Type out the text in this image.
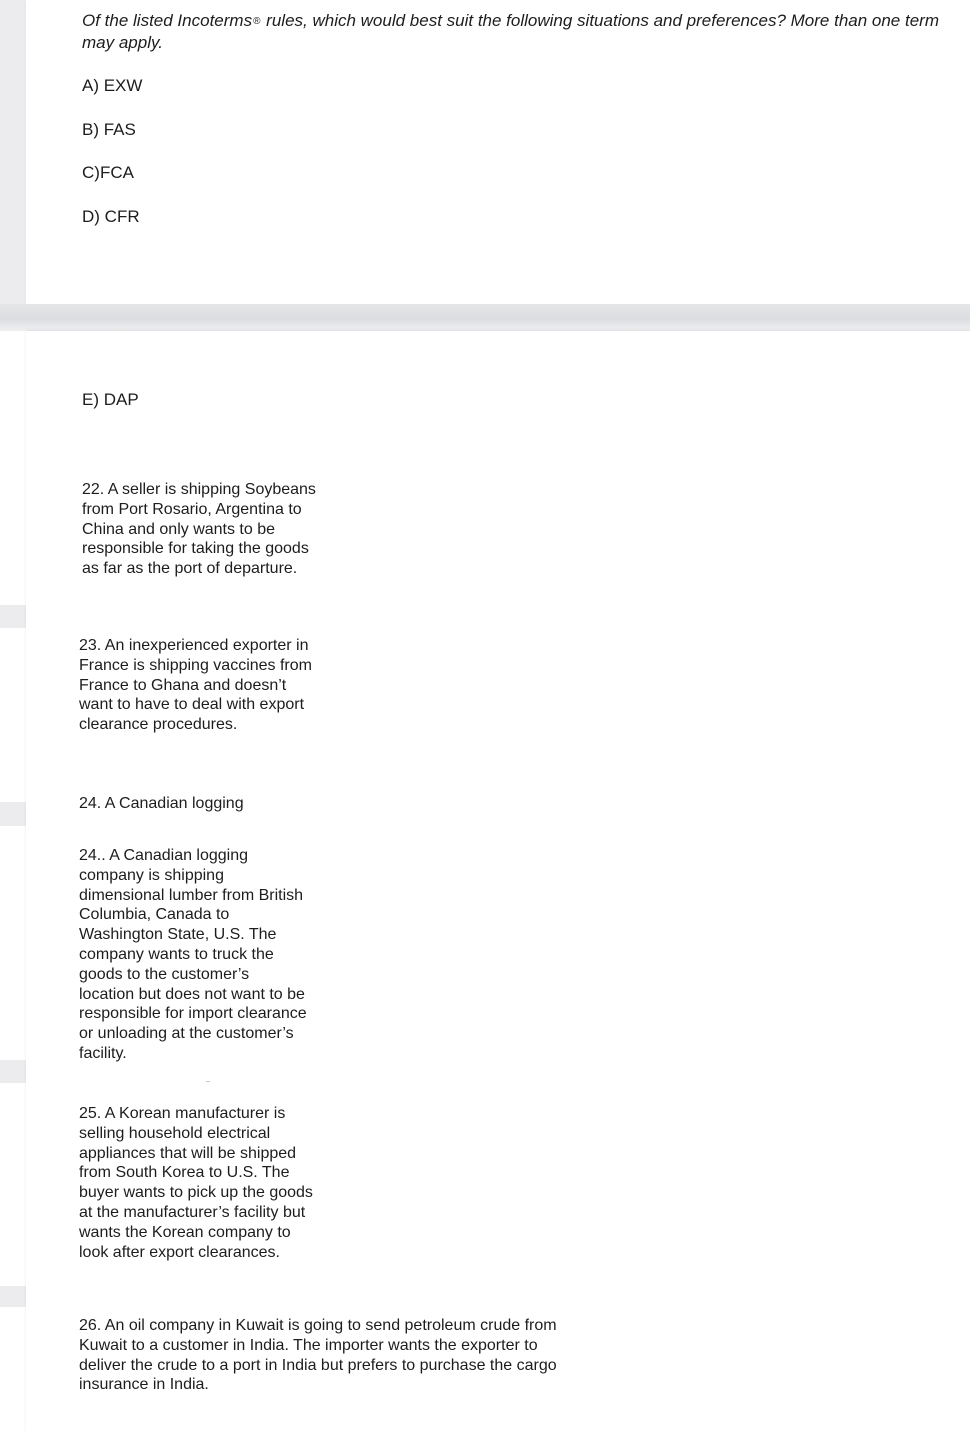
Of the listed Incoterms® rules, which would best suit the following situations and preferences? More than one term may apply.

A) EXW

B) FAS

C)FCA

D) CFR

E) DAP

22. A seller is shipping Soybeans from Port Rosario, Argentina to China and only wants to be responsible for taking the goods as far as the port of departure.

23. An inexperienced exporter in France is shipping vaccines from France to Ghana and doesn’t want to have to deal with export clearance procedures.

24. A Canadian logging

24.. A Canadian logging company is shipping dimensional lumber from British Columbia, Canada to Washington State, U.S. The company wants to truck the goods to the customer’s location but does not want to be responsible for import clearance or unloading at the customer’s facility.

25. A Korean manufacturer is selling household electrical appliances that will be shipped from South Korea to U.S. The buyer wants to pick up the goods at the manufacturer’s facility but wants the Korean company to look after export clearances.

26. An oil company in Kuwait is going to send petroleum crude from Kuwait to a customer in India. The importer wants the exporter to deliver the crude to a port in India but prefers to purchase the cargo insurance in India.
